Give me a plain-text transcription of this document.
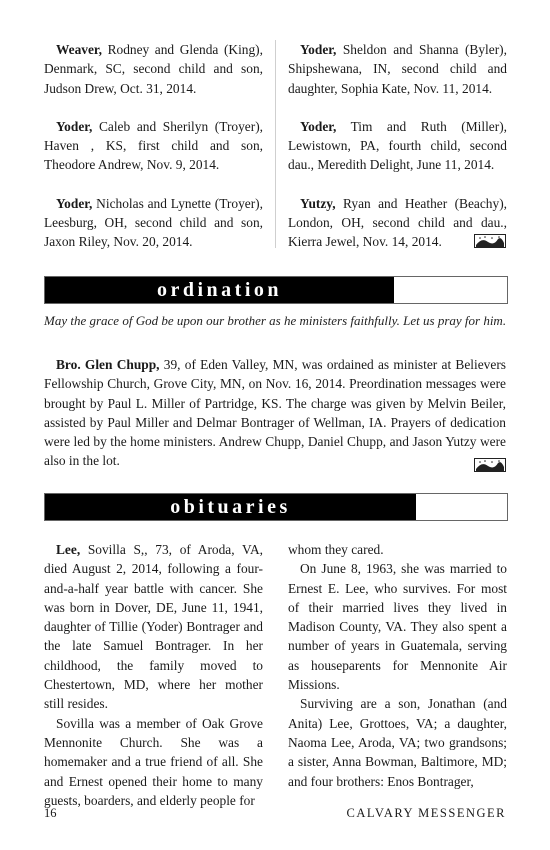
Weaver, Rodney and Glenda (King), Denmark, SC, second child and son, Judson Drew, Oct. 31, 2014.

Yoder, Caleb and Sherilyn (Troyer), Haven , KS, first child and son, Theodore Andrew, Nov. 9, 2014.

Yoder, Nicholas and Lynette (Troyer), Leesburg, OH, second child and son, Jaxon Riley, Nov. 20, 2014.

Yoder, Sheldon and Shanna (Byler), Shipshewana, IN, second child and daughter, Sophia Kate, Nov. 11, 2014.

Yoder, Tim and Ruth (Miller), Lewistown, PA, fourth child, second dau., Meredith Delight, June 11, 2014.

Yutzy, Ryan and Heather (Beachy), London, OH, second child and dau., Kierra Jewel, Nov. 14, 2014.

ordination
May the grace of God be upon our brother as he ministers faithfully. Let us pray for him.

Bro. Glen Chupp, 39, of Eden Valley, MN, was ordained as minister at Believers Fellowship Church, Grove City, MN, on Nov. 16, 2014. Preordination messages were brought by Paul L. Miller of Partridge, KS. The charge was given by Melvin Beiler, assisted by Paul Miller and Delmar Bontrager of Wellman, IA. Prayers of dedication were led by the home ministers. Andrew Chupp, Daniel Chupp, and Jason Yutzy were also in the lot.

obituaries

Lee, Sovilla S,, 73, of Aroda, VA, died August 2, 2014, following a four-and-a-half year battle with cancer. She was born in Dover, DE, June 11, 1941, daughter of Tillie (Yoder) Bontrager and the late Samuel Bontrager. In her childhood, the family moved to Chestertown, MD, where her mother still resides.

Sovilla was a member of Oak Grove Mennonite Church. She was a homemaker and a true friend of all. She and Ernest opened their home to many guests, boarders, and elderly people for

whom they cared.

On June 8, 1963, she was married to Ernest E. Lee, who survives. For most of their married lives they lived in Madison County, VA. They also spent a number of years in Guatemala, serving as houseparents for Mennonite Air Missions.

Surviving are a son, Jonathan (and Anita) Lee, Grottoes, VA; a daughter, Naoma Lee, Aroda, VA; two grandsons; a sister, Anna Bowman, Baltimore, MD; and four brothers: Enos Bontrager,

16	CALVARY MESSENGER
